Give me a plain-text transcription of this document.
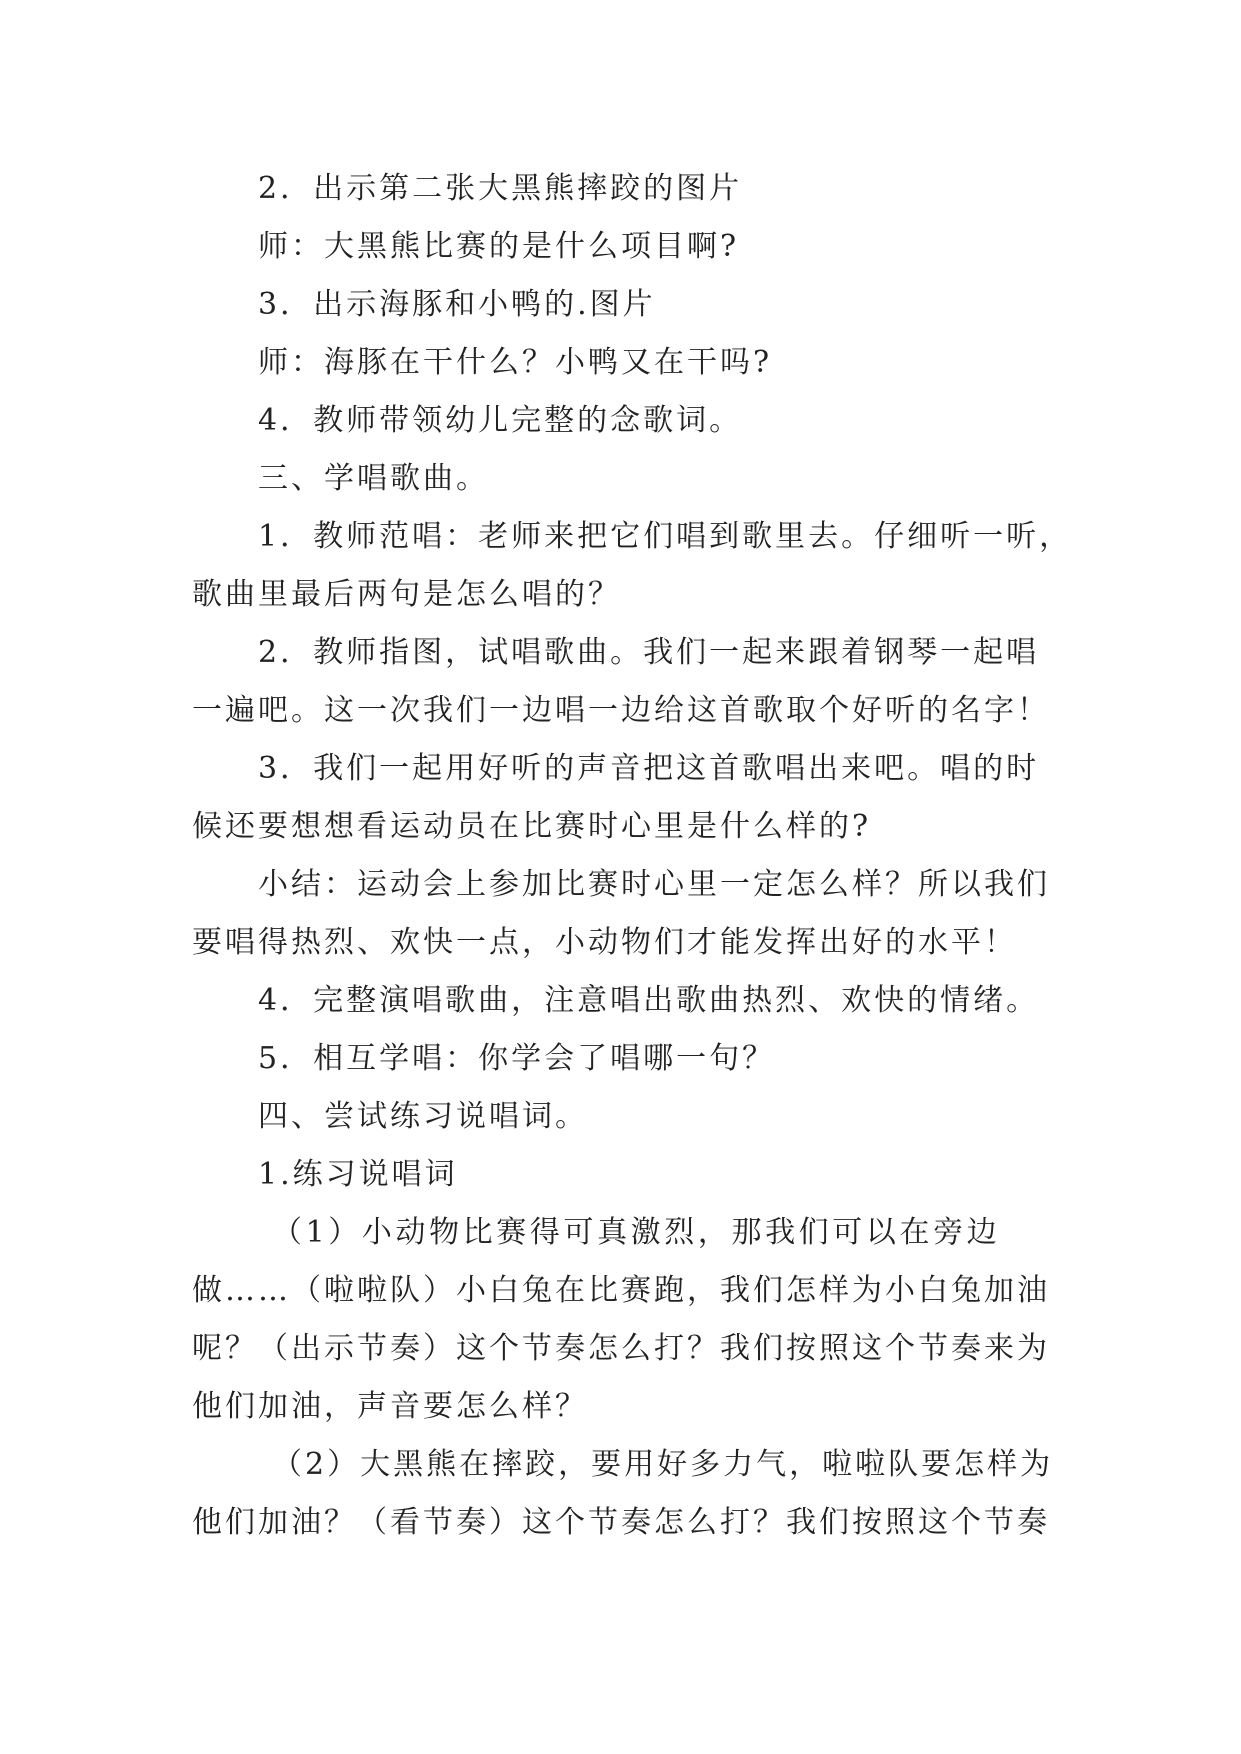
2．出示第二张大黑熊摔跤的图片
师：大黑熊比赛的是什么项目啊?
3．出示海豚和小鸭的.图片
师：海豚在干什么？小鸭又在干吗?
4．教师带领幼儿完整的念歌词。
三、学唱歌曲。
1．教师范唱：老师来把它们唱到歌里去。仔细听一听，
歌曲里最后两句是怎么唱的？
2．教师指图，试唱歌曲。我们一起来跟着钢琴一起唱
一遍吧。这一次我们一边唱一边给这首歌取个好听的名字！
3．我们一起用好听的声音把这首歌唱出来吧。唱的时
候还要想想看运动员在比赛时心里是什么样的?
小结：运动会上参加比赛时心里一定怎么样？所以我们
要唱得热烈、欢快一点，小动物们才能发挥出好的水平！
4．完整演唱歌曲，注意唱出歌曲热烈、欢快的情绪。
5．相互学唱：你学会了唱哪一句？
四、尝试练习说唱词。
1.练习说唱词
（1）小动物比赛得可真激烈，那我们可以在旁边
做……（啦啦队）小白兔在比赛跑，我们怎样为小白兔加油
呢？（出示节奏）这个节奏怎么打？我们按照这个节奏来为
他们加油，声音要怎么样？
（2）大黑熊在摔跤，要用好多力气，啦啦队要怎样为
他们加油？（看节奏）这个节奏怎么打？我们按照这个节奏
